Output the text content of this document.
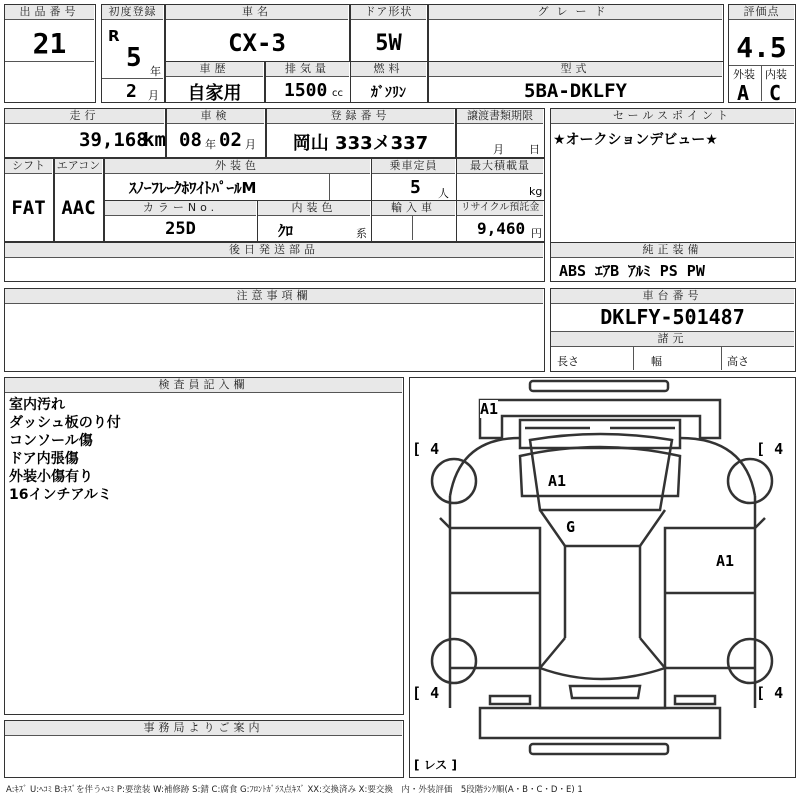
出品番号
21
初度登録
R
5 年
2 月
車名
CX-3
ドア形状
5W
グレード	評価点
4.5
外装 内装
A C
車歴
自家用
排気量
1500 cc
燃料
ｶﾞｿﾘﾝ
型式
5BA-DKLFY
走行
39,168
km
車検
08 年 02 月
登録番号
岡山 333メ337
譲渡書類期限
月 日
セールスポイント
★オークションデビュー★
シフト
FAT
エアコン
AAC
外装色
ｽﾉｰﾌﾚｰｸﾎﾜｲﾄﾊﾟｰﾙM
乗車定員
5 人
最大積載量
kg
カラーNo.
25D
内装色
ｸﾛ	系
輸入車	リサイクル預託金
9,460 円
後日発送部品	純正装備
ABS ｴｱB ｱﾙﾐ PS PW
注意事項欄	車台番号
DKLFY-501487
諸元
長さ	幅	高さ
検査員記入欄
室内汚れ
ダッシュ板のり付
コンソール傷
ドア内張傷
外装小傷有り
16インチアルミ
事務局よりご案内
[ 4	[ 4
[ 4	[ 4
A1
A1
G
A1
[ レス ]
A:ｷｽﾞ U:ﾍｺﾐ B:ｷｽﾞを伴うﾍｺﾐ P:要塗装 W:補修跡 S:錆 C:腐食 G:ﾌﾛﾝﾄｶﾞﾗｽ点ｷｽﾞ XX:交換済み X:要交換　内・外装評価　5段階ﾗﾝｸ順(A・B・C・D・E) 1
